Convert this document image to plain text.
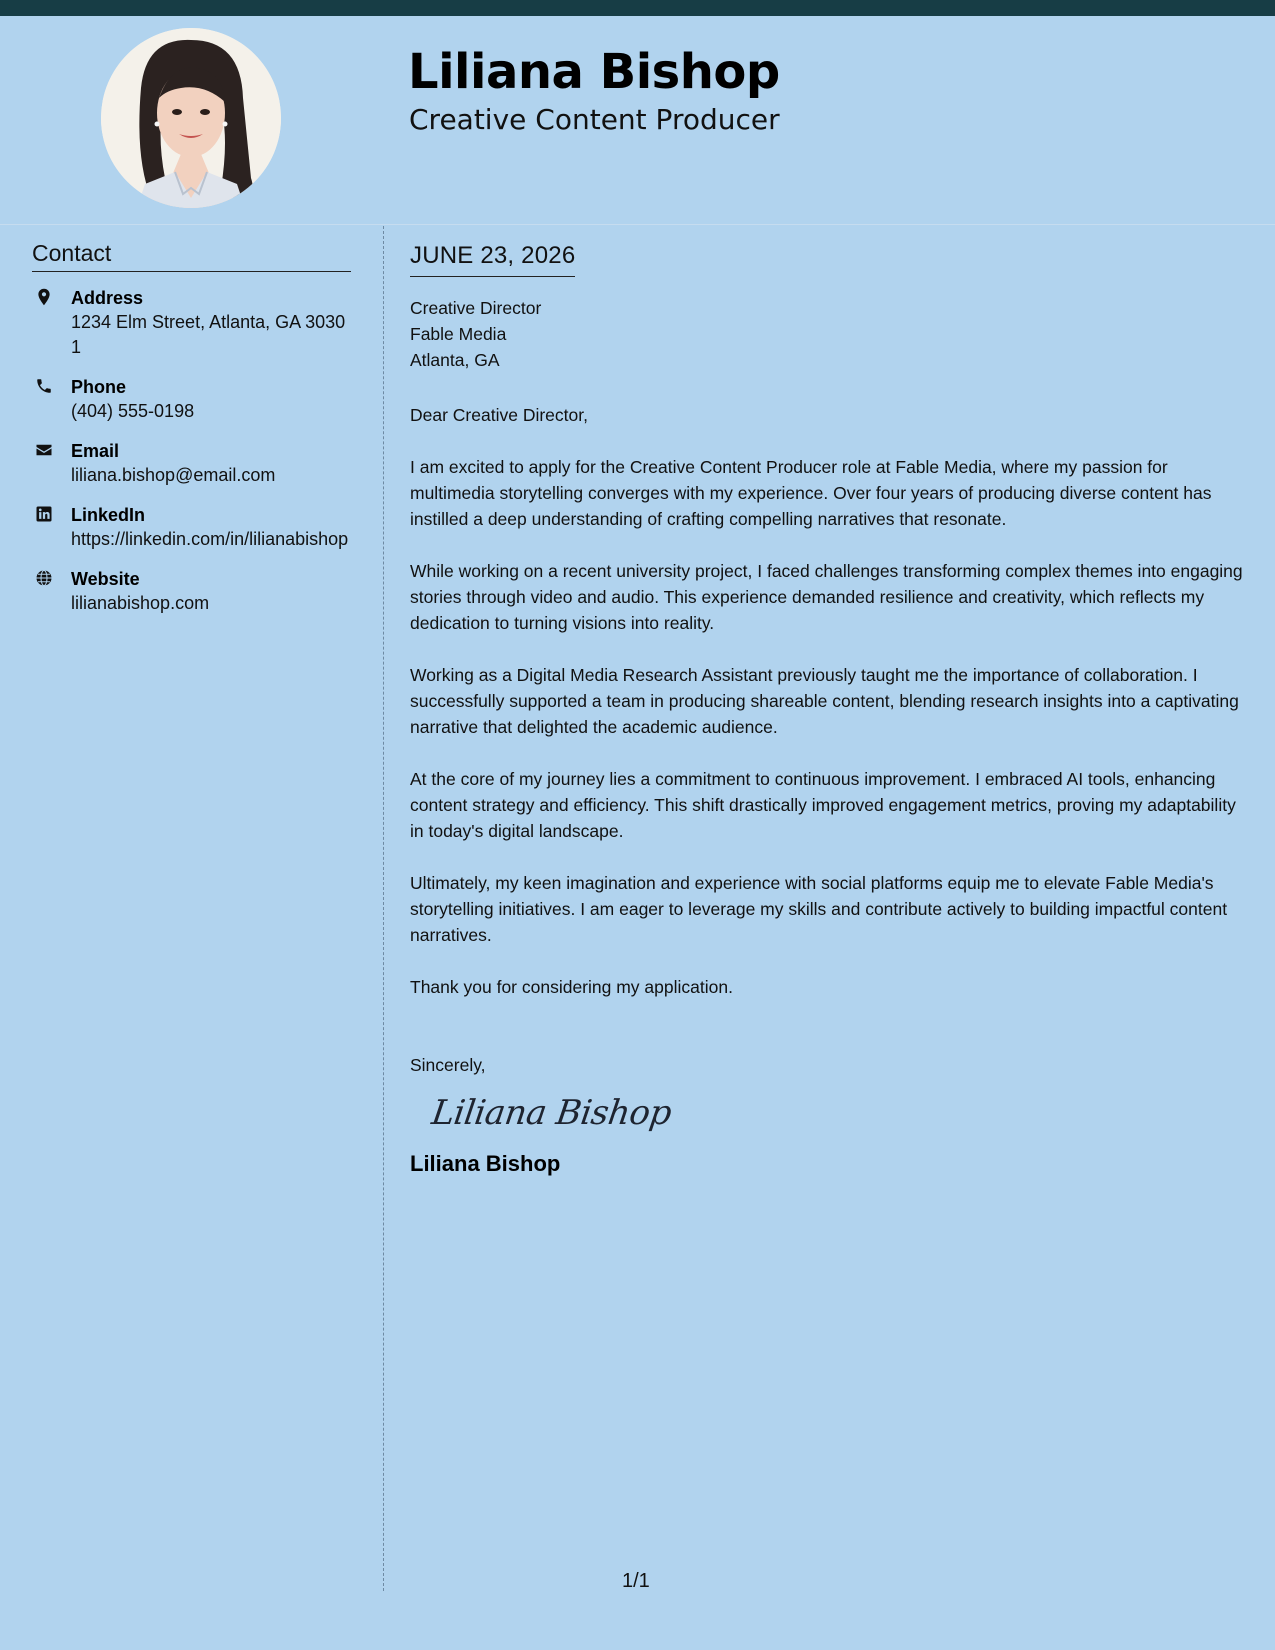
Liliana Bishop
Creative Content Producer
Contact
Address
1234 Elm Street, Atlanta, GA 30301
Phone
(404) 555-0198
Email
liliana.bishop@email.com
LinkedIn
https://linkedin.com/in/lilianabishop
Website
lilianabishop.com
JUNE 23, 2026
Creative Director
Fable Media
Atlanta, GA
Dear Creative Director,
I am excited to apply for the Creative Content Producer role at Fable Media, where my passion for multimedia storytelling converges with my experience. Over four years of producing diverse content has instilled a deep understanding of crafting compelling narratives that resonate.
While working on a recent university project, I faced challenges transforming complex themes into engaging stories through video and audio. This experience demanded resilience and creativity, which reflects my dedication to turning visions into reality.
Working as a Digital Media Research Assistant previously taught me the importance of collaboration. I successfully supported a team in producing shareable content, blending research insights into a captivating narrative that delighted the academic audience.
At the core of my journey lies a commitment to continuous improvement. I embraced AI tools, enhancing content strategy and efficiency. This shift drastically improved engagement metrics, proving my adaptability in today's digital landscape.
Ultimately, my keen imagination and experience with social platforms equip me to elevate Fable Media's storytelling initiatives. I am eager to leverage my skills and contribute actively to building impactful content narratives.
Thank you for considering my application.
Sincerely,
Liliana Bishop
Liliana Bishop
1/1
